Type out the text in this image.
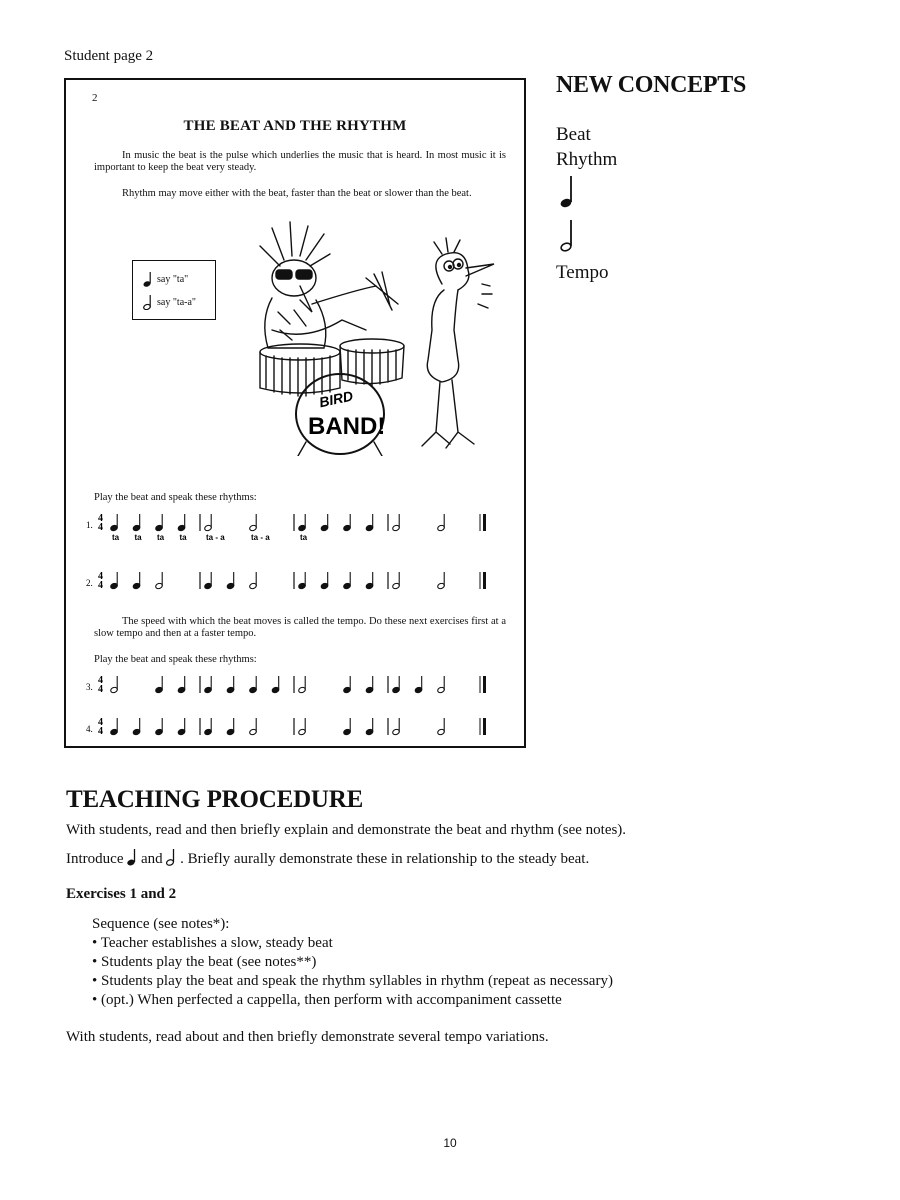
Student page 2
2
THE BEAT AND THE RHYTHM
In music the beat is the pulse which underlies the music that is heard. In most music it is important to keep the beat very steady.
Rhythm may move either with the beat, faster than the beat or slower than the beat.
say "ta"
say "ta-a"
BIRD
BAND!
Play the beat and speak these rhythms:
1.
4
4
ta ta ta ta ta - a	ta - a	ta
2.
4
4
The speed with which the beat moves is called the tempo. Do these next exercises first at a slow tempo and then at a faster tempo.
Play the beat and speak these rhythms:
3.
4
4
4.
4
4
NEW CONCEPTS
Beat
Rhythm
Tempo
TEACHING PROCEDURE
With students, read and then briefly explain and demonstrate the beat and rhythm (see notes).
Introduce and . Briefly aurally demonstrate these in relationship to the steady beat.
Exercises 1 and 2
Sequence (see notes*):
• Teacher establishes a slow, steady beat
• Students play the beat (see notes**)
• Students play the beat and speak the rhythm syllables in rhythm (repeat as necessary)
• (opt.) When perfected a cappella, then perform with accompaniment cassette
With students, read about and then briefly demonstrate several tempo variations.
10
